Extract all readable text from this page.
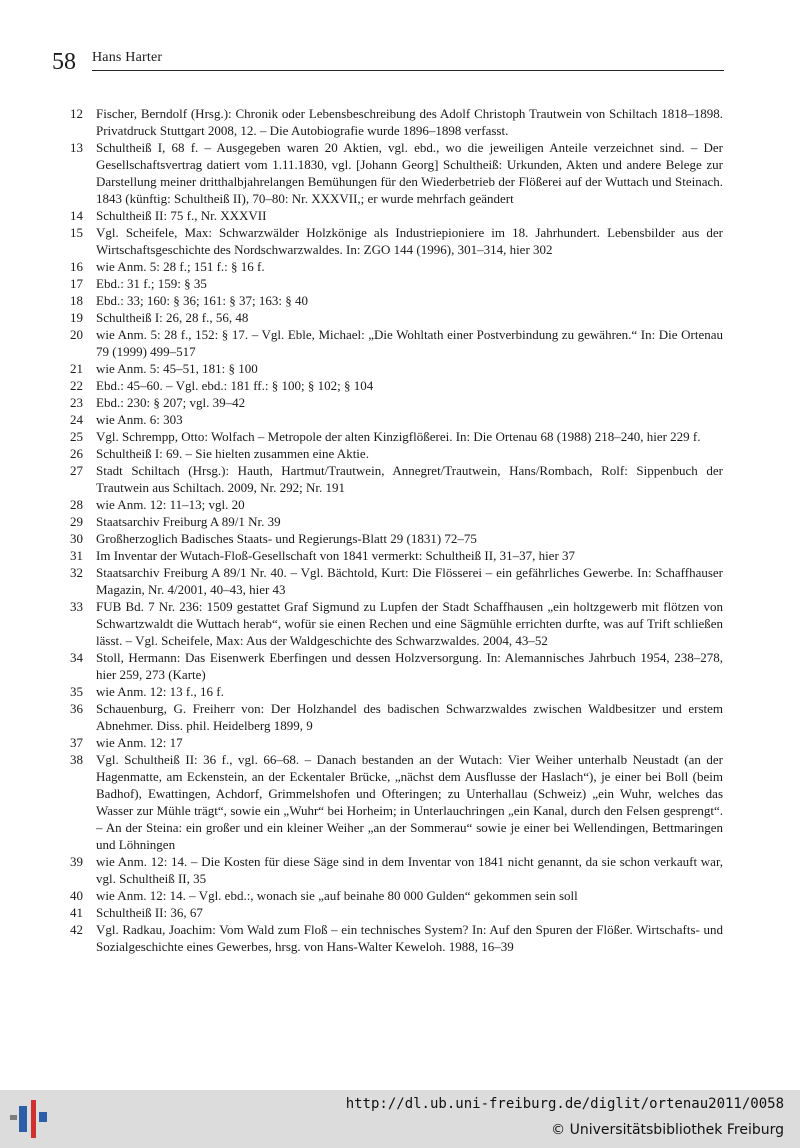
58 Hans Harter
12	Fischer, Berndolf (Hrsg.): Chronik oder Lebensbeschreibung des Adolf Christoph Trautwein von Schiltach 1818–1898. Privatdruck Stuttgart 2008, 12. – Die Autobiografie wurde 1896–1898 verfasst.
13	Schultheiß I, 68 f. – Ausgegeben waren 20 Aktien, vgl. ebd., wo die jeweiligen Anteile verzeichnet sind. – Der Gesellschaftsvertrag datiert vom 1.11.1830, vgl. [Johann Georg] Schultheiß: Urkunden, Akten und andere Belege zur Darstellung meiner dritthalbjahrelangen Bemühungen für den Wiederbetrieb der Flößerei auf der Wuttach und Steinach. 1843 (künftig: Schultheiß II), 70–80: Nr. XXXVII,; er wurde mehrfach geändert
14	Schultheiß II: 75 f., Nr. XXXVII
15	Vgl. Scheifele, Max: Schwarzwälder Holzkönige als Industriepioniere im 18. Jahrhundert. Lebensbilder aus der Wirtschaftsgeschichte des Nordschwarzwaldes. In: ZGO 144 (1996), 301–314, hier 302
16	wie Anm. 5: 28 f.; 151 f.: § 16 f.
17	Ebd.: 31 f.; 159: § 35
18	Ebd.: 33; 160: § 36; 161: § 37; 163: § 40
19	Schultheiß I: 26, 28 f., 56, 48
20	wie Anm. 5: 28 f., 152: § 17. – Vgl. Eble, Michael: „Die Wohltath einer Postverbindung zu gewähren.“ In: Die Ortenau 79 (1999) 499–517
21	wie Anm. 5: 45–51, 181: § 100
22	Ebd.: 45–60. – Vgl. ebd.: 181 ff.: § 100; § 102; § 104
23	Ebd.: 230: § 207; vgl. 39–42
24	wie Anm. 6: 303
25	Vgl. Schrempp, Otto: Wolfach – Metropole der alten Kinzigflößerei. In: Die Ortenau 68 (1988) 218–240, hier 229 f.
26	Schultheiß I: 69. – Sie hielten zusammen eine Aktie.
27	Stadt Schiltach (Hrsg.): Hauth, Hartmut/Trautwein, Annegret/Trautwein, Hans/Rombach, Rolf: Sippenbuch der Trautwein aus Schiltach. 2009, Nr. 292; Nr. 191
28	wie Anm. 12: 11–13; vgl. 20
29	Staatsarchiv Freiburg A 89/1 Nr. 39
30	Großherzoglich Badisches Staats- und Regierungs-Blatt 29 (1831) 72–75
31	Im Inventar der Wutach-Floß-Gesellschaft von 1841 vermerkt: Schultheiß II, 31–37, hier 37
32	Staatsarchiv Freiburg A 89/1 Nr. 40. – Vgl. Bächtold, Kurt: Die Flösserei – ein gefährliches Gewerbe. In: Schaffhauser Magazin, Nr. 4/2001, 40–43, hier 43
33	FUB Bd. 7 Nr. 236: 1509 gestattet Graf Sigmund zu Lupfen der Stadt Schaffhausen „ein holtzgewerb mit flötzen von Schwartzwaldt die Wuttach herab“, wofür sie einen Rechen und eine Sägmühle errichten durfte, was auf Trift schließen lässt. – Vgl. Scheifele, Max: Aus der Waldgeschichte des Schwarzwaldes. 2004, 43–52
34	Stoll, Hermann: Das Eisenwerk Eberfingen und dessen Holzversorgung. In: Alemannisches Jahrbuch 1954, 238–278, hier 259, 273 (Karte)
35	wie Anm. 12: 13 f., 16 f.
36	Schauenburg, G. Freiherr von: Der Holzhandel des badischen Schwarzwaldes zwischen Waldbesitzer und erstem Abnehmer. Diss. phil. Heidelberg 1899, 9
37	wie Anm. 12: 17
38	Vgl. Schultheiß II: 36 f., vgl. 66–68. – Danach bestanden an der Wutach: Vier Weiher unterhalb Neustadt (an der Hagenmatte, am Eckenstein, an der Eckentaler Brücke, „nächst dem Ausflusse der Haslach“), je einer bei Boll (beim Badhof), Ewattingen, Achdorf, Grimmelshofen und Ofteringen; zu Unterhallau (Schweiz) „ein Wuhr, welches das Wasser zur Mühle trägt“, sowie ein „Wuhr“ bei Horheim; in Unterlauchringen „ein Kanal, durch den Felsen gesprengt“. – An der Steina: ein großer und ein kleiner Weiher „an der Sommerau“ sowie je einer bei Wellendingen, Bettmaringen und Löhningen
39	wie Anm. 12: 14. – Die Kosten für diese Säge sind in dem Inventar von 1841 nicht genannt, da sie schon verkauft war, vgl. Schultheiß II, 35
40	wie Anm. 12: 14. – Vgl. ebd.:, wonach sie „auf beinahe 80 000 Gulden“ gekommen sein soll
41	Schultheiß II: 36, 67
42	Vgl. Radkau, Joachim: Vom Wald zum Floß – ein technisches System? In: Auf den Spuren der Flößer. Wirtschafts- und Sozialgeschichte eines Gewerbes, hrsg. von Hans-Walter Keweloh. 1988, 16–39
http://dl.ub.uni-freiburg.de/diglit/ortenau2011/0058
© Universitätsbibliothek Freiburg
